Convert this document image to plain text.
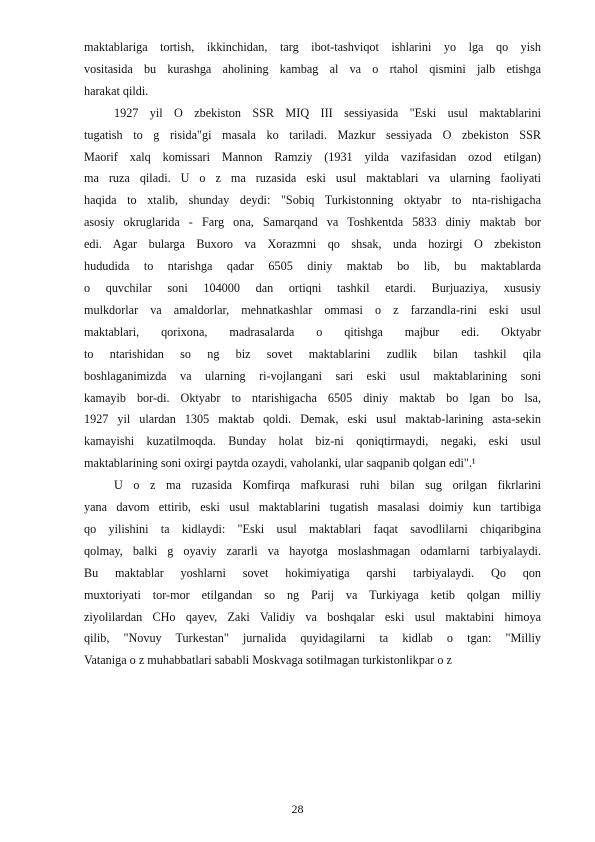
maktablariga tortish, ikkinchidan, targ ibot-tashviqot ishlarini yo lga qo yish
vositasida bu kurashga aholining kambag al va o rtahol qismini jalb etishga
harakat qildi.
1927 yil O zbekiston SSR MIQ III sessiyasida "Eski usul maktablarini
tugatish to g risida"gi masala ko tariladi. Mazkur sessiyada O zbekiston SSR
Maorif xalq komissari Mannon Ramziy (1931 yilda vazifasidan ozod etilgan)
ma ruza qiladi. U o z ma ruzasida eski usul maktablari va ularning faoliyati
haqida to xtalib, shunday deydi: "Sobiq Turkistonning oktyabr to nta-rishigacha
asosiy okruglarida - Farg ona, Samarqand va Toshkentda 5833 diniy maktab bor
edi. Agar bularga Buxoro va Xorazmni qo shsak, unda hozirgi O zbekiston
hududida to ntarishga qadar 6505 diniy maktab bo lib, bu maktablarda
o quvchilar soni 104000 dan ortiqni tashkil etardi. Burjuaziya, xususiy
mulkdorlar va amaldorlar, mehnatkashlar ommasi o z farzandla-rini eski usul
maktablari, qorixona, madrasalarda o qitishga majbur edi. Oktyabr
to ntarishidan so ng biz sovet maktablarini zudlik bilan tashkil qila
boshlaganimizda va ularning ri-vojlangani sari eski usul maktablarining soni
kamayib bor-di. Oktyabr to ntarishigacha 6505 diniy maktab bo lgan bo lsa,
1927 yil ulardan 1305 maktab qoldi. Demak, eski usul maktab-larining asta-sekin
kamayishi kuzatilmoqda. Bunday holat biz-ni qoniqtirmaydi, negaki, eski usul
maktablarining soni oxirgi paytda ozaydi, vaholanki, ular saqpanib qolgan edi".¹
U o z ma ruzasida Komfirqa mafkurasi ruhi bilan sug orilgan fikrlarini
yana davom ettirib, eski usul maktablarini tugatish masalasi doimiy kun tartibiga
qo yilishini ta kidlaydi: "Eski usul maktablari faqat savodlilarni chiqaribgina
qolmay, balki g oyaviy zararli va hayotga moslashmagan odamlarni tarbiyalaydi.
Bu maktablar yoshlarni sovet hokimiyatiga qarshi tarbiyalaydi. Qo qon
muxtoriyati tor-mor etilgandan so ng Parij va Turkiyaga ketib qolgan milliy
ziyolilardan CHo qayev, Zaki Validiy va boshqalar eski usul maktabini himoya
qilib, "Novuy Turkestan" jurnalida quyidagilarni ta kidlab o tgan: "Milliy
Vataniga o z muhabbatlari sababli Moskvaga sotilmagan turkistonlikpar o z
28
